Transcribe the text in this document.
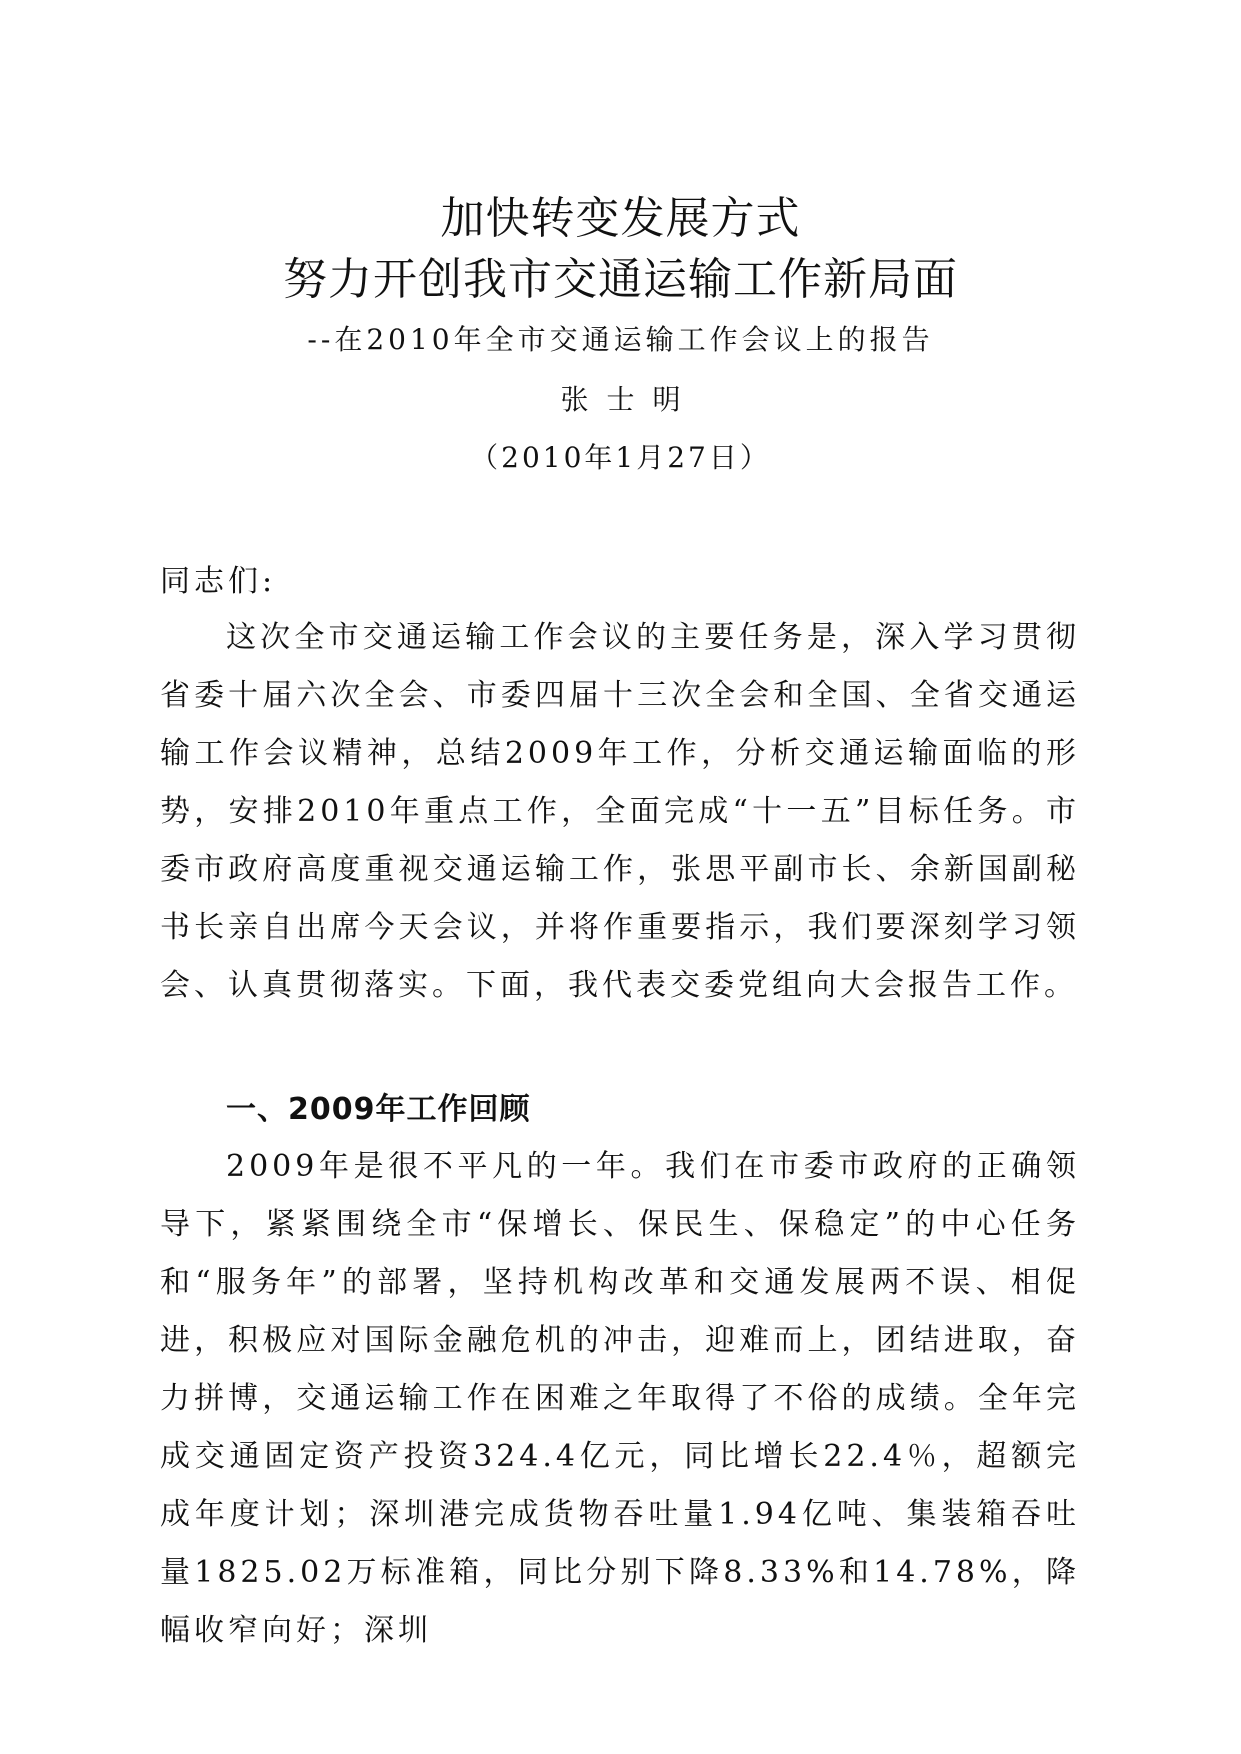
加快转变发展方式
努力开创我市交通运输工作新局面
--在2010年全市交通运输工作会议上的报告
张士明
（2010年1月27日）
同志们:

这次全市交通运输工作会议的主要任务是，深入学习贯彻省委十届六次全会、市委四届十三次全会和全国、全省交通运输工作会议精神，总结2009年工作，分析交通运输面临的形势，安排2010年重点工作，全面完成“十一五”目标任务。市委市政府高度重视交通运输工作，张思平副市长、余新国副秘书长亲自出席今天会议，并将作重要指示，我们要深刻学习领会、认真贯彻落实。下面，我代表交委党组向大会报告工作。

一、2009年工作回顾

2009年是很不平凡的一年。我们在市委市政府的正确领导下，紧紧围绕全市“保增长、保民生、保稳定”的中心任务和“服务年”的部署，坚持机构改革和交通发展两不误、相促进，积极应对国际金融危机的冲击，迎难而上，团结进取，奋力拼博，交通运输工作在困难之年取得了不俗的成绩。全年完成交通固定资产投资324.4亿元，同比增长22.4％，超额完成年度计划；深圳港完成货物吞吐量1.94亿吨、集装箱吞吐量1825.02万标准箱，同比分别下降8.33%和14.78%，降幅收窄向好；深圳
